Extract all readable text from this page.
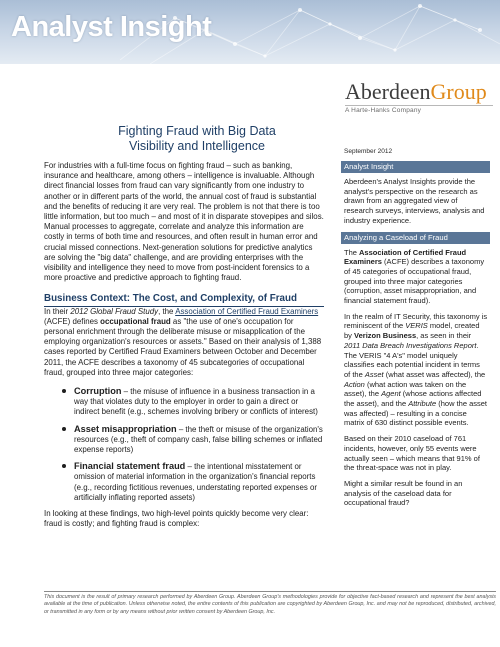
Analyst Insight
AberdeenGroup
A Harte-Hanks Company
September 2012
Fighting Fraud with Big Data
Visibility and Intelligence

For industries with a full-time focus on fighting fraud – such as banking, insurance and healthcare, among others – intelligence is invaluable. Although direct financial losses from fraud can vary significantly from one industry to another or in different parts of the world, the annual cost of fraud is substantial and the benefits of reducing it are very real. The problem is not that there is too little information, but too much – and most of it in disparate stovepipes and silos. Manual processes to aggregate, correlate and analyze this information are costly in terms of both time and resources, and often result in human error and crucial missed connections. Next-generation solutions for predictive analytics are solving the "big data" challenge, and are providing enterprises with the visibility and intelligence they need to move from post-incident forensics to a more proactive and predictive approach to fighting fraud.

Business Context: The Cost, and Complexity, of Fraud

In their 2012 Global Fraud Study, the Association of Certified Fraud Examiners (ACFE) defines occupational fraud as "the use of one's occupation for personal enrichment through the deliberate misuse or misapplication of the employing organization's resources or assets." Based on their analysis of 1,388 cases reported by Certified Fraud Examiners between October and December 2011, the ACFE describes a taxonomy of 45 subcategories of occupational fraud, grouped into three major categories:

Corruption – the misuse of influence in a business transaction in a way that violates duty to the employer in order to gain a direct or indirect benefit (e.g., schemes involving bribery or conflicts of interest)
Asset misappropriation – the theft or misuse of the organization's resources (e.g., theft of company cash, false billing schemes or inflated expense reports)
Financial statement fraud – the intentional misstatement or omission of material information in the organization's financial reports (e.g., recording fictitious revenues, understating reported expenses or artificially inflating reported assets)

In looking at these findings, two high-level points quickly become very clear: fraud is costly; and fighting fraud is complex:

Analyst Insight

Aberdeen's Analyst Insights provide the analyst's perspective on the research as drawn from an aggregated view of research surveys, interviews, analysis and industry experience.

Analyzing a Caseload of Fraud

The Association of Certified Fraud Examiners (ACFE) describes a taxonomy of 45 categories of occupational fraud, grouped into three major categories (corruption, asset misappropriation, and financial statement fraud).

In the realm of IT Security, this taxonomy is reminiscent of the VERIS model, created by Verizon Business, as seen in their 2011 Data Breach Investigations Report. The VERIS "4 A's" model uniquely classifies each potential incident in terms of the Asset (what asset was affected), the Action (what action was taken on the asset), the Agent (whose actions affected the asset), and the Attribute (how the asset was affected) – resulting in a concise matrix of 630 distinct possible events.

Based on their 2010 caseload of 761 incidents, however, only 55 events were actually seen – which means that 91% of the threat-space was not in play.

Might a similar result be found in an analysis of the caseload data for occupational fraud?

This document is the result of primary research performed by Aberdeen Group. Aberdeen Group's methodologies provide for objective fact-based research and represent the best analysis available at the time of publication. Unless otherwise noted, the entire contents of this publication are copyrighted by Aberdeen Group, Inc. and may not be reproduced, distributed, archived, or transmitted in any form or by any means without prior written consent by Aberdeen Group, Inc.
